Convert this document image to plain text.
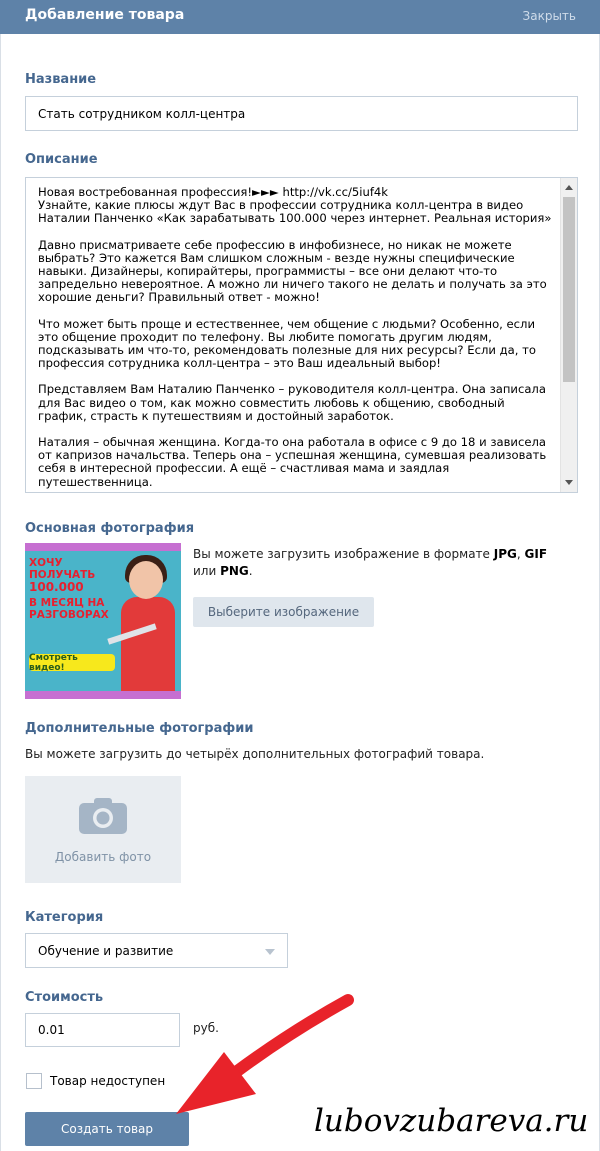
Добавление товара	Закрыть
Название
Стать сотрудником колл-центра
Описание

Новая востребованная профессия!►►► http://vk.cc/5iuf4k
Узнайте, какие плюсы ждут Вас в профессии сотрудника колл-центра в видео Наталии Панченко «Как зарабатывать 100.000 через интернет. Реальная история»

Давно присматриваете себе профессию в инфобизнесе, но никак не можете выбрать? Это кажется Вам слишком сложным - везде нужны специфические навыки. Дизайнеры, копирайтеры, программисты – все они делают что-то запредельно невероятное. А можно ли ничего такого не делать и получать за это хорошие деньги? Правильный ответ - можно!

Что может быть проще и естественнее, чем общение с людьми? Особенно, если это общение проходит по телефону. Вы любите помогать другим людям, подсказывать им что-то, рекомендовать полезные для них ресурсы? Если да, то профессия сотрудника колл-центра – это Ваш идеальный выбор!

Представляем Вам Наталию Панченко – руководителя колл-центра. Она записала для Вас видео о том, как можно совместить любовь к общению, свободный график, страсть к путешествиям и достойный заработок.

Наталия – обычная женщина. Когда-то она работала в офисе с 9 до 18 и зависела от капризов начальства. Теперь она – успешная женщина, сумевшая реализовать себя в интересной профессии. А ещё – счастливая мама и заядлая путешественница.

Основная фотография
ХОЧУ ПОЛУЧАТЬ
100.000
В МЕСЯЦ НА РАЗГОВОРАХ
Смотреть видео!
Вы можете загрузить изображение в формате JPG, GIF или PNG.
Выберите изображение
Дополнительные фотографии
Вы можете загрузить до четырёх дополнительных фотографий товара.
Добавить фото
Категория
Обучение и развитие
Стоимость
0.01	руб.
Товар недоступен
Создать товар	lubovzubareva.ru
